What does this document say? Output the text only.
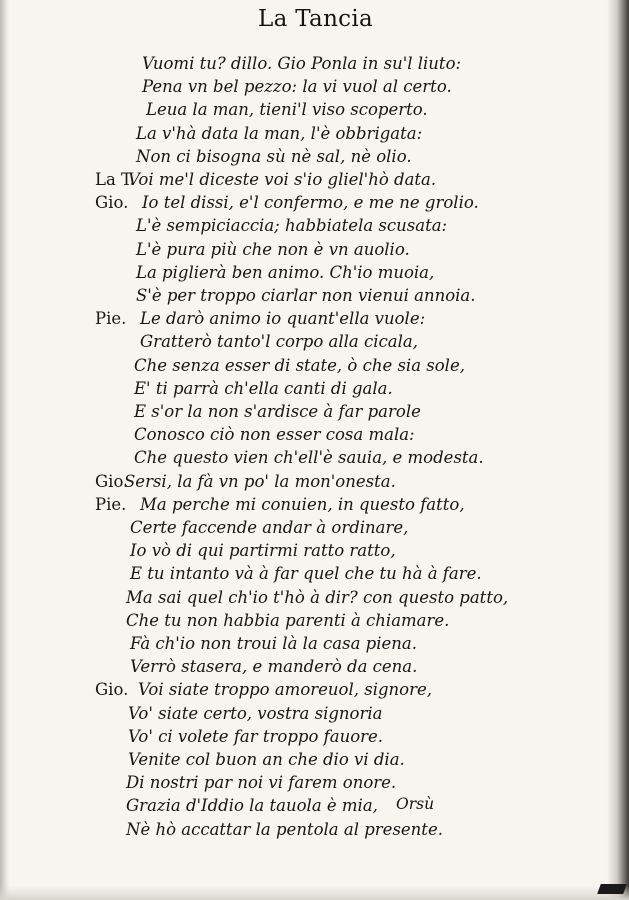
La Tancia
Vuomi tu? dillo. Gio Ponla in su'l liuto:
Pena vn bel pezzo: la vi vuol al certo.
Leua la man, tieni'l viso scoperto.
La v'hà data la man, l'è obbrigata:
Non ci bisogna sù nè sal, nè olio.
La T.
Voi me'l diceste voi s'io gliel'hò data.
Gio. Io tel dissi, e'l confermo, e me ne grolio.
L'è sempiciaccia; habbiatela scusata:
L'è pura più che non è vn auolio.
La piglierà ben animo. Ch'io muoia,
S'è per troppo ciarlar non vienui annoia.
Pie. Le darò animo io quant'ella vuole:
Gratterò tanto'l corpo alla cicala,
Che senza esser di state, ò che sia sole,
E' ti parrà ch'ella canti di gala.
E s'or la non s'ardisce à far parole
Conosco ciò non esser cosa mala:
Che questo vien ch'ell'è sauia, e modesta.
Gio.
Sersi, la fà vn po' la mon'onesta.
Pie. Ma perche mi conuien, in questo fatto,
Certe faccende andar à ordinare,
Io vò di qui partirmi ratto ratto,
E tu intanto và à far quel che tu hà à fare.
Ma sai quel ch'io t'hò à dir? con questo patto,
Che tu non habbia parenti à chiamare.
Fà ch'io non troui là la casa piena.
Verrò stasera, e manderò da cena.
Gio. Voi siate troppo amoreuol, signore,
Vo' siate certo, vostra signoria
Vo' ci volete far troppo fauore.
Venite col buon an che dio vi dia.
Di nostri par noi vi farem onore.
Grazia d'Iddio la tauola è mia,
Nè hò accattar la pentola al presente.
Orsù
